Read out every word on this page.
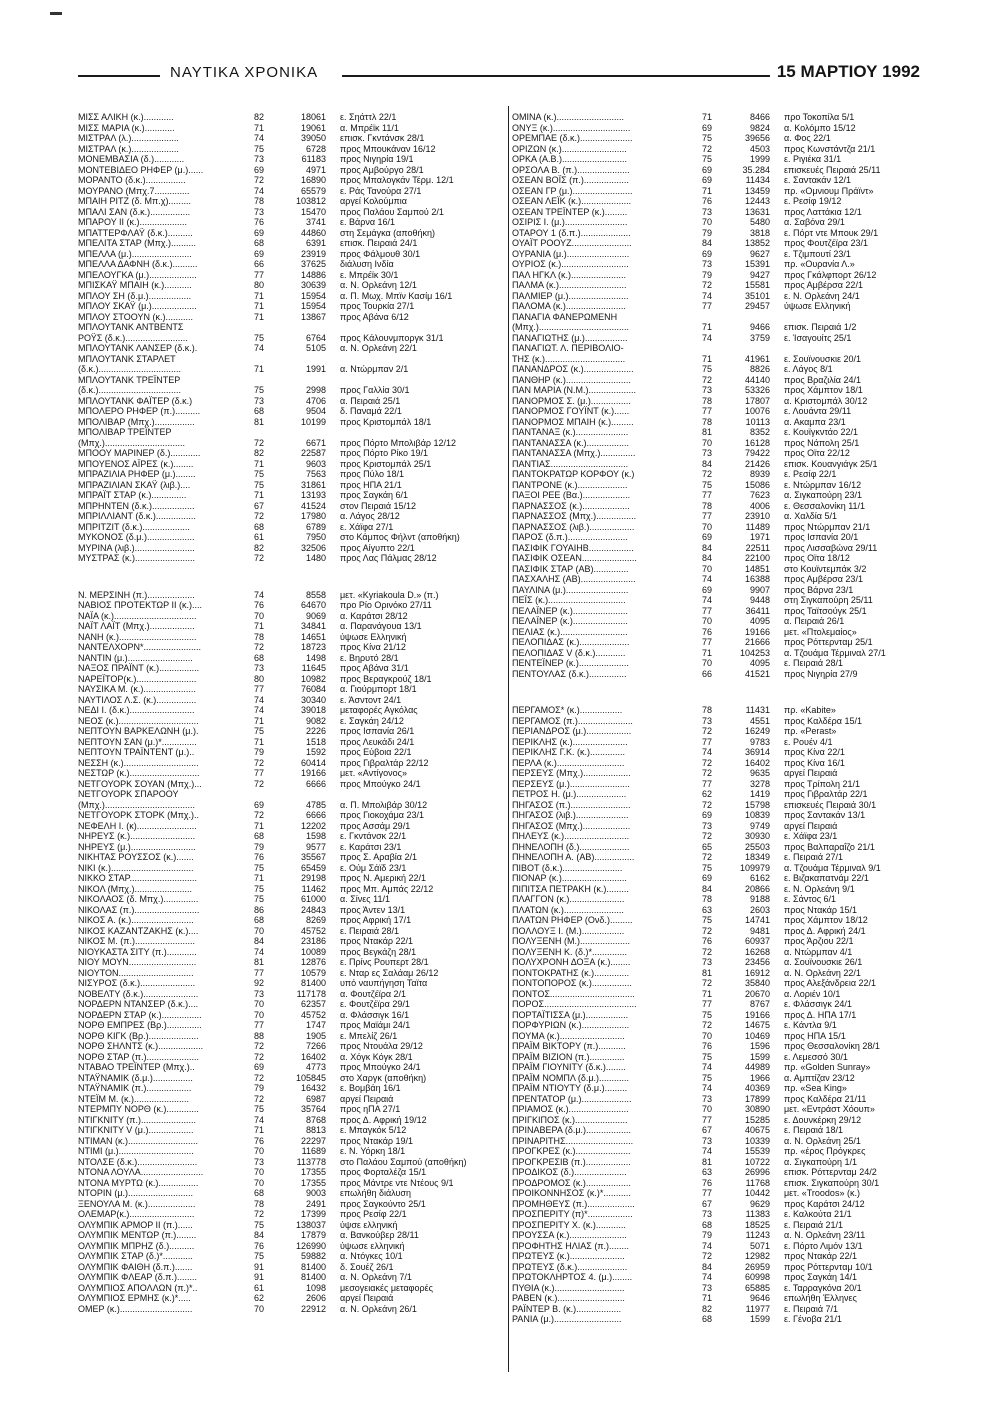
ΝΑΥΤΙΚΑ ΧΡΟΝΙΚΑ	15 ΜΑΡΤΙΟΥ 1992
ΜΙΣΣ ΑΛΙΚΗ (κ.)............	82	18061 ε. Σηάττλ 22/1
ΜΙΣΣ ΜΑΡΙΑ (κ.)............	71	19061 α. Μπρέϊκ 11/1
ΜΙΣΤΡΑΛ (λ.)...................	74	39050 επισκ. Γκντάνσκ 28/1
ΜΙΣΤΡΑΛ (κ.)...................	75	6728 προς Μπουκάναν 16/12
ΜΟΝΕΜΒΑΣΙΑ (δ.)............	73	61183 προς Νιγηρία 19/1
ΜΟΝΤΕΒΙΔΕΟ ΡΗΦΕΡ (μ.)......	69	4971 προς Αμβούργο 28/1
ΜΟΡΑΝΤΟ (δ.κ.)................	72	16890 προς Μπαλογκάν Τέρμ. 12/1
ΜΟΥΡΑΝΟ (Μπχ.7..............	74	65579 ε. Ράς Τανούρα 27/1
ΜΠΑΙΗ ΡΙΤΖ (δ. Μπ.χ).........	78	103812 αργεί Κολούμπια
ΜΠΑΛΙ ΣΑΝ (δ.κ.)................	73	15470 προς Παλάου Σαμπού 2/1
ΜΠΑΡΟΥ ΙΙ (κ.)...................	76	3741 ε. Βάρνα 16/1
ΜΠΑΤΤΕΡΦΛΑΫ (δ.κ.)..........	69	44860 στη Σεμάγκα (αποθήκη)
ΜΠΕΛΙΤΑ ΣΤΑΡ (Μπχ.)..........	68	6391 επισκ. Πειραιά 24/1
ΜΠΕΛΛΑ (μ.)........................	69	23919 προς Φάλμουθ 30/1
ΜΠΕΛΛΑ ΔΑΦΝΗ (δ.κ.)..........	66	37625 διάλυση Ινδία
ΜΠΕΛΟΥΓΚΑ (μ.)...................	77	14886 ε. Μπρέϊκ 30/1
ΜΠΙΣΚΑΫ ΜΠΑΙΗ (κ.)...........	80	30639 α. Ν. Ορλεάνη 12/1
ΜΠΛΟΥ ΣΗ (δ.μ.).................	71	15954 α. Π. Μωχ. Μπϊν Κασίμ 16/1
ΜΠΛΟΥ ΣΚΑΫ (μ.)..................	71	15954 προς Τουρκία 27/1
ΜΠΛΟΥ ΣΤΟΟΥΝ (κ.)...........	71	13867 προς Αβάνα 6/12
ΜΠΛΟΥΤΑΝΚ ΑΝΤΒΕΝΤΣ
ΡΟΫΣ (δ.κ.).........................	75	6764 προς Κάλουνμποργκ 31/1
ΜΠΛΟΥΤΑΝΚ ΛΑΝΣΕΡ (δ.κ.).	74	5105 α. Ν. Ορλεάνη 22/1
ΜΠΛΟΥΤΑΝΚ ΣΤΑΡΛΕΤ
(δ.κ.).................................	71	1991 α. Ντώρμπαν 2/1
ΜΠΛΟΥΤΑΝΚ ΤΡΕΪΝΤΕΡ
(δ.κ.).................................	75	2998 προς Γαλλία 30/1
ΜΠΛΟΥΤΑΝΚ ΦΑΪΤΕΡ (δ.κ.)	73	4706 α. Πειραιά 25/1
ΜΠΟΛΕΡΟ ΡΗΦΕΡ (π.)..........	68	9504 δ. Παναμά 22/1
ΜΠΟΛΙΒΑΡ (Μπχ.)................	81	10199 προς Κριστομπάλ 18/1
ΜΠΟΛΙΒΑΡ ΤΡΕΪΝΤΕΡ
(Μπχ.)................................	72	6671 προς Πόρτο Μπολιβάρ 12/12
ΜΠΟΟΥ ΜΑΡΙΝΕΡ (δ.)............	82	22587 προς Πόρτο Ρίκο 19/1
ΜΠΟΥΕΝΟΣ ΑΪΡΕΣ (κ.)........	71	9603 προς Κριστομπάλ 25/1
ΜΠΡΑΖΙΛΙΑ ΡΗΦΕΡ (μ.)........	75	7563 προς Πύλο 18/1
ΜΠΡΑΖΙΛΙΑΝ ΣΚΑΫ (λιβ.)....	75	31861 προς ΗΠΑ 21/1
ΜΠΡΑΪΤ ΣΤΑΡ (κ.)..............	71	13193 προς Σαγκάη 6/1
ΜΠΡΗΝΤΕΝ (δ.κ.).................	67	41524 στον Πειραιά 15/12
ΜΠΡΙΛΛΙΑΝΤ (δ.κ.)................	72	17980 α. Λάγος 28/12
ΜΠΡΙΤΖΙΤ (δ.κ.)...................	68	6789 ε. Χάϊφα 27/1
ΜΥΚΟΝΟΣ (δ.μ.)...................	61	7950 στο Κάμπος Φήλντ (αποθήκη)
ΜΥΡΙΝΑ (λιβ.)........................	82	32506 προς Αίγυπτο 22/1
ΜΥΣΤΡΑΣ (κ.)........................	72	1480 προς Λας Πάλμας 28/12
Ν. ΜΕΡΣΙΝΗ (π.)...................	74	8558 μετ. «Kyriakoula D.» (π.)
ΝΑΒΙΟΣ ΠΡΟΤΕΚΤΩΡ ΙΙ (κ.)....	76	64670 προ Ρίο Ορινόκο 27/11
ΝΑΪΑ (κ.).................................	70	9069 α. Καράτσι 28/12
ΝΑΪΤ ΛΑΪΤ (Μπχ.)..................	71	34841 α. Παρανάγουα 13/1
ΝΑΝΗ (κ.)...............................	78	14651 ύψωσε Ελληνική
ΝΑΝΤΕΛΧΟΡΝ*.......................	72	18723 προς Κίνα 21/12
ΝΑΝΤΙΝ (μ.)..........................	68	1498 ε. Βηρυτό 28/1
ΝΑΞΟΣ ΠΡΑΪΝΤ (κ.)................	73	11645 προς Αβάνα 31/1
ΝΑΡΕΪΤΟΡ(κ.)........................	80	10982 προς Βεραγκρούζ 18/1
ΝΑΥΣΙΚΑ Μ. (κ.).....................	77	76084 α. Γιούρμπορτ 18/1
ΝΑΥΤΙΛΟΣ Λ.Σ. (κ.)................	74	30340 ε. Άσντοντ 24/1
ΝΕΔΙ Ι. (δ.κ.)..........................	74	39018 μεταφορές Αγκόλας
ΝΕΟΣ (κ.)................................	71	9082 ε. Σαγκάη 24/12
ΝΕΠΤΟΥΝ ΒΑΡΚΕΛΩΝΗ (μ.).	75	2226 προς Ισπανία 26/1
ΝΕΠΤΟΥΝ ΣΑΝ (μ.)*..............	71	1518 προς Λευκάδι 24/1
ΝΕΠΤΟΥΝ ΤΡΑΪΝΤΕΝΤ (μ.)..	79	1592 προς Εύβοια 22/1
ΝΕΣΣΗ (κ.)..............................	72	60414 προς Γιβραλτάρ 22/12
ΝΕΣΤΩΡ (κ.)............................	77	19166 μετ. «Αντίγονος»
ΝΕΤΓΟΥΟΡΚ ΣΟΥΑΝ (Μπχ.)...	72	6666 προς Μπούγκο 24/1
ΝΕΤΓΟΥΟΡΚ ΣΠΑΡΟΟΥ
(Μπχ.)....................................	69	4785 α. Π. Μπολιβάρ 30/12
ΝΕΤΓΟΥΟΡΚ ΣΤΟΡΚ (Μπχ.)..	72	6666 προς Γιοκοχάμα 23/1
ΝΕΦΕΛΗ Ι. (κ)........................	71	12202 προς Ασσάμ 29/1
ΝΗΡΕΥΣ (κ.)..........................	68	1598 ε. Γκντάνσκ 22/1
ΝΗΡΕΥΣ (μ.)..........................	79	9577 ε. Καράτσι 23/1
ΝΙΚΗΤΑΣ ΡΟΥΣΣΟΣ (κ.).......	76	35567 προς Σ. Αραβία 2/1
ΝΙΚΙ (κ.).................................	75	65459 ε. Ούμ Σάϊδ 23/1
ΝΙΚΚΟ ΣΤΑΡ...........................	71	29198 προς Ν. Αμερική 22/1
ΝΙΚΟΛ (Μπχ.).......................	75	11462 προς Μπ. Αμπάς 22/12
ΝΙΚΟΛΑΟΣ (δ. Μπχ.)..............	75	61000 α. Σίνες 11/1
ΝΙΚΟΛΑΣ (π.)..........................	86	24843 προς Άντεν 13/1
ΝΙΚΟΣ Α. (κ.).........................	68	8269 προς Αφρική 17/1
ΝΙΚΟΣ ΚΑΖΑΝΤΖΑΚΗΣ (κ.)....	70	45752 ε. Πειραιά 28/1
ΝΙΚΟΣ Μ. (π.)........................	84	23186 προς Ντακάρ 22/1
ΝΙΟΥΚΑΣΤΑ ΣΙΤΥ (π.)............	74	10089 προς Βεγκάζη 28/1
ΝΙΟΥ ΜΟΥΝ...........................	81	12876 ε. Πρίνς Ρουπερτ 28/1
ΝΙΟΥΤΟΝ..............................	77	10579 ε. Νταρ ες Σαλάαμ 26/12
ΝΙΣΥΡΟΣ (δ.κ.)......................	92	81400 υπό ναυπήγηση Ταϊτα
ΝΟΒΕΛΤΥ (δ.κ.)......................	73	117178 α. Φουτζέϊρα 2/1
ΝΟΡΔΕΡΝ ΝΤΑΝΣΕΡ (δ.κ.)....	70	62357 ε. Φουτζέϊρα 29/1
ΝΟΡΔΕΡΝ ΣΤΑΡ (κ.)................	70	45752 α. Φλάσσιγκ 16/1
ΝΟΡΘ ΕΜΠΡΕΣ (Βρ.)..............	77	1747 προς Μαϊάμι 24/1
ΝΟΡΘ ΚΙΓΚ (Βρ.)....................	88	1905 ε. Μπελίζ 26/1
ΝΟΡΘ ΣΗΛΝΤΣ (κ.)..................	72	7266 προς Ντουάλα 29/12
ΝΟΡΘ ΣΤΑΡ (π.).....................	72	16402 α. Χόγκ Κόγκ 28/1
ΝΤΑΒΑΟ ΤΡΕΪΝΤΕΡ (Μπχ.)..	69	4773 προς Μπούγκο 24/1
ΝΤΑΫΝΑΜΙΚ (δ.μ.)................	72	105845 στο Χαργκ (αποθήκη)
ΝΤΑΫΝΑΜΙΚ (π.)..................	79	16432 ε. Βομβάη 16/1
ΝΤΕΪΜ Μ. (κ.)......................	72	6987 αργεί Πειραιά
ΝΤΕΡΜΠΥ ΝΟΡΘ (κ.).............	75	35764 προς ηΠΑ 27/1
ΝΤΙΓΚΝΙΤΥ (π.)......................	74	8768 προς Δ. Αφρική 19/12
ΝΤΙΓΚΝΙΤΥ V (μ.)..................	71	8813 ε. Μπαγκόκ 5/12
ΝΤΙΜΑΝ (κ.)............................	76	22297 προς Ντακάρ 19/1
ΝΤΙΜΙ (μ.)..............................	70	11689 ε. Ν. Υόρκη 18/1
ΝΤΟΛΣΕ (δ.κ.)........................	73	113778 στο Παλάου Σαμπού (αποθήκη)
ΝΤΟΝΑ ΛΟΥΛΑ.........................	70	17355 προς Φορταλέζα 15/1
ΝΤΟΝΑ ΜΥΡΤΩ (κ.)................	70	17355 προς Μάντρε ντε Ντέους 9/1
ΝΤΟΡΙΝ (μ.)..........................	68	9003 επωλήθη διάλυση
ΞΕΝΟΥΛΑ Μ. (κ.)...................	78	2491 προς Σαγκούντο 25/1
ΟΛΕΜΑΡ(κ.)..........................	72	17399 προς Ρεσίφ 22/1
ΟΛΥΜΠΙΚ ΑΡΜΟΡ ΙΙ (π.)......	75	138037 ύψσε ελληνική
ΟΛΥΜΠΙΚ ΜΕΝΤΩΡ (π.)........	84	17879 α. Βανκούβερ 28/11
ΟΛΥΜΠΙΚ ΜΠΡΗΖ (δ.)..........	76	126990 ύψωσε ελληνική
ΟΛΥΜΠΙΚ ΣΤΑΡ (δ.)*............	75	59882 α. Ντόγκες 10/1
ΟΛΥΜΠΙΚ ΦΑΙΘΗ (δ.π.).......	91	81400 δ. Σουέζ 26/1
ΟΛΥΜΠΙΚ ΦΛΕΑΡ (δ.π.)........	91	81400 α. Ν. Ορλεάνη 7/1
ΟΛΥΜΠΙΟΣ ΑΠΟΛΛΩΝ (π.)*..	61	1098 μεσογειακές μεταφορές
ΟΛΥΜΠΙΟΣ ΕΡΜΗΣ (κ.)*.....	62	2606 αργεί Πειραιά
ΟΜΕΡ (κ.).............................	70	22912 α. Ν. Ορλεάνη 26/1
ΟΜΙΝΑ (κ.)...........................	71	8466 προ Τοκοπίλα 5/1
ΟΝΥΞ (κ.)...............................	69	9824 α. Κολόμπο 15/12
ΟΡΕΜΠΑΕ (δ.κ.).....................	75	39656 α. Φος 22/1
ΟΡΙΖΩΝ (κ.)..........................	72	4503 προς Κωνστάντζα 21/1
ΟΡΚΑ (Α.Β.)..........................	75	1999 ε. Ριγιέκα 31/1
ΟΡΣΟΛΑ Β. (π.).....................	69	35.284 επισκευές Πειραιά 25/11
ΟΣΕΑΝ ΒΟΪΣ (π.)..................	69	11434 ε. Σαντακάν 12/1
ΟΣΕΑΝ ΓΡ (μ.)........................	71	13459 πρ. «Ομνιουμ Πράϊντ»
ΟΣΕΑΝ ΛΕΪΚ (κ.)....................	76	12443 ε. Ρεσίφ 19/12
ΟΣΕΑΝ ΤΡΕΪΝΤΕΡ (κ.).........	73	13631 προς Λαττάκια 12/1
ΟΣΙΡΙΣ Ι. (μ.).........................	70	5480 α. Σαβόνα 29/1
ΟΤΑΡΟΥ 1 (δ.π.)....................	79	3818 ε. Πόρτ ντε Μπουκ 29/1
ΟΥΑΪΤ ΡΟΟΥΖ........................	84	13852 προς Φουτζέϊρα 23/1
ΟΥΡΑΝΙΑ (μ.).........................	69	9627 ε. Τζιμπουτί 23/1
ΟΥΡΙΟΣ (κ.)...........................	73	15391 πρ. «Ουρανία Λ.»
ΠΑΛ ΗΓΚΛ (κ.)......................	79	9427 προς Γκάλφπορτ 26/12
ΠΑΛΜΑ (κ.)...........................	72	15581 προς Αμβέρσα 22/1
ΠΑΛΜΙΕΡ (μ.)........................	74	35101 ε. Ν. Ορλεάνη 24/1
ΠΑΛΟΜΑ (κ.)........................	77	29457 ύψωσε Ελληνική
ΠΑΝΑΓΙΑ ΦΑΝΕΡΩΜΕΝΗ
(Μπχ.)....................................	71	9466 επισκ. Πειραιά 1/2
ΠΑΝΑΓΙΩΤΗΣ (μ.).................	74	3759 ε. Ίσαγουίτς 25/1
ΠΑΝΑΓΙΩΤ. Λ. ΠΕΡΙΒΟΛΙΟ-
ΤΗΣ (κ.)................................	71	41961 ε. Σουϊνουσκιε 20/1
ΠΑΝΑΝΔΡΟΣ (κ.)....................	75	8826 ε. Λάγος 8/1
ΠΑΝΘΗΡ (κ.)..........................	72	44140 προς Βραζιλία 24/1
ΠΑΝ ΜΑΡΙΑ (Ν.Μ.)...................	73	53326 προς Χάμπτον 18/1
ΠΑΝΟΡΜΟΣ Σ. (μ.)................	78	17807 α. Κριστομπάλ 30/12
ΠΑΝΟΡΜΟΣ ΓΟΥΪΝΤ (κ.)......	77	10076 ε. Λουάντα 29/11
ΠΑΝΟΡΜΟΣ ΜΠΑΙΗ (κ.).........	78	10113 α. Ακαμπα 23/1
ΠΑΝΤΑΝΑΞ (κ.).....................	81	8352 ε. Κουϊγκντάο 22/1
ΠΑΝΤΑΝΑΣΣΑ (κ.).................	70	16128 προς Νάπολη 25/1
ΠΑΝΤΑΝΑΣΣΑ (Μπχ.)..............	73	79422 προς Οϊτα 22/12
ΠΑΝΤΙΑΣ...............................	84	21426 επισκ. Κουανγιάγκ 25/1
ΠΑΝΤΟΚΡΑΤΩΡ ΚΟΡΦΟΥ (κ.)	72	8939 ε. Ρεσίφ 22/1
ΠΑΝΤΡΟΝΕ (κ.)....................	75	15086 ε. Ντώρμπαν 16/12
ΠΑΞΟΙ ΡΕΕ (Βα.)...................	77	7623 α. Σιγκαπούρη 23/1
ΠΑΡΝΑΣΣΟΣ (κ.)...................	78	4006 ε. Θεσσαλονίκη 11/1
ΠΑΡΝΑΣΣΟΣ (Μπχ.)................	77	23910 α. Χαλδία 5/1
ΠΑΡΝΑΣΣΟΣ (λιβ.)..................	70	11489 προς Ντώρμπαν 21/1
ΠΑΡΟΣ (δ.π.)........................	69	1971 προς Ισπανία 20/1
ΠΑΣΙΦΙΚ ΓΟΥΑΙΗΒ..................	84	22511 προς Λισσαβώνα 29/11
ΠΑΣΙΦΙΚ ΟΣΕΑΝ......................	84	22100 προς Οϊτα 18/12
ΠΑΣΙΦΙΚ ΣΤΑΡ (ΑΒ)..............	70	14851 στο Κουϊντεμπάκ 3/2
ΠΑΣΧΑΛΗΣ (ΑΒ)......................	74	16388 προς Αμβέρσα 23/1
ΠΑΥΛΙΝΑ (μ.).........................	69	9907 προς Βάρνα 23/1
ΠΕΪΣ (κ.)...............................	74	9448 στη Σιγκαπούρη 25/11
ΠΕΛΑΪΝΕΡ (κ.)......................	77	36411 προς Ταϊτσούγκ 25/1
ΠΕΛΑΪΝΕΡ (κ.)......................	70	4095 α. Πειραιά 26/1
ΠΕΛΙΑΣ (κ.)...........................	76	19166 μετ. «Πτολεμαίος»
ΠΕΛΟΠΙΔΑΣ (κ.)....................	77	21666 προς Ρόττερνταμ 25/1
ΠΕΛΟΠΙΔΑΣ V (δ.κ.)............	71	104253 α. Τζουάμα Τέρμιναλ 27/1
ΠΕΝΤΕΪΝΕΡ (κ.)....................	70	4095 ε. Πειραιά 28/1
ΠΕΝΤΟΥΛΑΣ (δ.κ.)...............	66	41521 προς Νιγηρία 27/9
ΠΕΡΓΑΜΟΣ* (κ.).................	78	11431 πρ. «Kabite»
ΠΕΡΓΑΜΟΣ (π.)......................	73	4551 προς Καλδέρα 15/1
ΠΕΡΙΑΝΔΡΟΣ (μ.)..................	72	16249 πρ. «Perast»
ΠΕΡΙΚΛΗΣ (κ.)......................	77	9783 ε. Ρουέν 4/1
ΠΕΡΙΚΛΗΣ Γ.Κ. (κ.)..............	74	36914 προς Κίνα 22/1
ΠΕΡΛΑ (κ.)...........................	72	16402 προς Κίνα 16/1
ΠΕΡΣΕΥΣ (Μπχ.)...................	72	9635 αργεί Πειραιά
ΠΕΡΣΕΥΣ (μ.)........................	77	3278 προς Τρίπολη 21/1
ΠΕΤΡΟΣ Η. (μ.)....................	62	1419 προς Γιβραλτάρ 22/1
ΠΗΓΑΣΟΣ (π.)........................	72	15798 επισκευές Πειραιά 30/1
ΠΗΓΑΣΟΣ (λιβ.).....................	69	10839 προς Σαντακάν 13/1
ΠΗΓΑΣΟΣ (Μπχ.)...................	73	9749 αργεί Πειραιά
ΠΗΛΕΥΣ (κ.)..........................	72	30930 ε. Χάϊφα 23/1
ΠΗΝΕΛΟΠΗ (δ.)....................	65	25503 προς Βαλπαραΐζο 21/1
ΠΗΝΕΛΟΠΗ Α. (ΑΒ)................	72	18349 ε. Πειραιά 27/1
ΠΙΒΟΤ (δ.κ.)........................	75	109979 α. Τζουάμα Τέρμιναλ 9/1
ΠΙΟΝΑΡ (κ.)..........................	69	6162 ε. Βιζακαπατνάμ 22/1
ΠΙΠΙΤΣΑ ΠΕΤΡΑΚΗ (κ.).........	84	20866 ε. Ν. Ορλεάνη 9/1
ΠΛΑΓΓΟΝ (κ.)......................	78	9188 ε. Σάντος 6/1
ΠΛΑΤΩΝ (κ.)........................	63	2603 προς Ντακάρ 15/1
ΠΛΑΤΩΝ ΡΗΦΕΡ (Ονδ.).........	75	14741 προς Χάμπτον 18/12
ΠΟΛΛΟΥΞ Ι. (Μ.).................	72	9481 προς Δ. Αφρική 24/1
ΠΟΛΥΞΕΝΗ (Μ.)....................	76	60937 προς Άρζιου 22/1
ΠΟΛΥΞΕΝΗ Κ. (δ.)*..............	72	16268 α. Ντώρμπαν 4/1
ΠΟΛΥΧΡΟΝΗ ΔΟΞΑ (κ.)........	73	23456 α. Σουϊνουσκιε 26/1
ΠΟΝΤΟΚΡΑΤΗΣ (κ.)..............	81	16912 α. Ν. Ορλεάνη 22/1
ΠΟΝΤΟΠΟΡΟΣ (κ.)................	72	35840 προς Αλεξάνδρεια 22/1
ΠΟΝΤΟΣ..................................	71	20670 α. Λοριέν 10/1
ΠΟΡΟΣ.....................................	77	8767 ε. Φλάσσιγκ 24/1
ΠΟΡΤΑΪΤΙΣΣΑ (μ.).................	75	19166 προς Δ. ΗΠΑ 17/1
ΠΟΡΦΥΡΙΩΝ (κ.)...................	72	14675 ε. Κάντλα 9/1
ΠΟΥΜΑ (κ.)..........................	70	10469 προς ΗΠΑ 15/1
ΠΡΑΪΜ ΒΙΚΤΟΡΥ (π.)...........	76	1596 προς Θεσσαλονίκη 28/1
ΠΡΑΪΜ ΒΙΖΙΟΝ (π.)..............	75	1599 ε. Λεμεσσό 30/1
ΠΡΑΪΜ ΓΙΟΥΝΙΤΥ (δ.κ.)........	74	44989 πρ. «Golden Sunray»
ΠΡΑΪΜ ΝΟΜΠΛ (δ.μ.)............	75	1966 α. Αμπτίζαν 23/12
ΠΡΑΪΜ ΝΤΙΟΥΤΥ (δ.μ.).........	74	40369 πρ. «Sea King»
ΠΡΕΝΤΑΤΟΡ (μ.)....................	73	17899 προς Καλδέρα 21/11
ΠΡΙΑΜΟΣ (κ.)........................	70	30890 μετ. «Εντράστ Χόουπ»
ΠΡΙΓΚΙΠΟΣ (κ.).....................	77	15285 ε. Δουνκέρκη 29/12
ΠΡΙΝΑΒΕΡΑ (δ.μ.)..................	67	40675 ε. Πειραιά 18/1
ΠΡΙΝΑΡΙΤΗΣ...........................	73	10339 α. Ν. Ορλεάνη 25/1
ΠΡΟΓΚΡΕΣ (κ.)......................	74	15539 πρ. «έρος Πρόγκρες
ΠΡΟΓΚΡΕΣΙΒ (π.)..................	81	10722 α. Σιγκαπούρη 1/1
ΠΡΟΔΙΚΟΣ (δ.).....................	63	26996 επισκ. Ρόττερνταμ 24/2
ΠΡΟΔΡΟΜΟΣ (κ.)..................	76	11768 επισκ. Σιγκαπούρη 30/1
ΠΡΟΙΚΟΝΝΗΣΟΣ (κ.)*...........	77	10442 μετ. «Troodos» (κ.)
ΠΡΟΜΗΘΕΥΣ (π.)...................	67	9629 προς Καράτσι 24/12
ΠΡΟΣΠΕΡΙΤΥ (π)*..................	73	11383 ε. Καλκούτα 21/1
ΠΡΟΣΠΕΡΙΤΥ Χ. (κ.)............	68	18525 ε. Πειραιά 21/1
ΠΡΟΥΣΣΑ (κ.).......................	79	11243 α. Ν. Ορλεάνη 23/11
ΠΡΟΦΗΤΗΣ ΗΛΙΑΣ (π.)........	74	5071 ε. Πόρτο Λιμόν 13/1
ΠΡΩΤΕΥΣ (κ.)......................	72	12982 προς Ντακάρ 22/1
ΠΡΩΤΕΥΣ (δ.κ.)....................	84	26959 προς Ρόττερνταμ 10/1
ΠΡΩΤΟΚΛΗΡΤΟΣ 4. (μ.)........	74	60998 προς Σαγκάη 14/1
ΠΥΘΙΑ (κ.)............................	73	65885 ε. Ταρραγκόνα 20/1
ΡΑΒΕΝ (κ.)...........................	71	9646 επωλήθη Έλληνες
ΡΑΪΝΤΕΡ Β. (κ.)..................	82	11977 ε. Πειραιά 7/1
ΡΑΝΙΑ (μ.)...........................	68	1599 ε. Γένοβα 21/1
